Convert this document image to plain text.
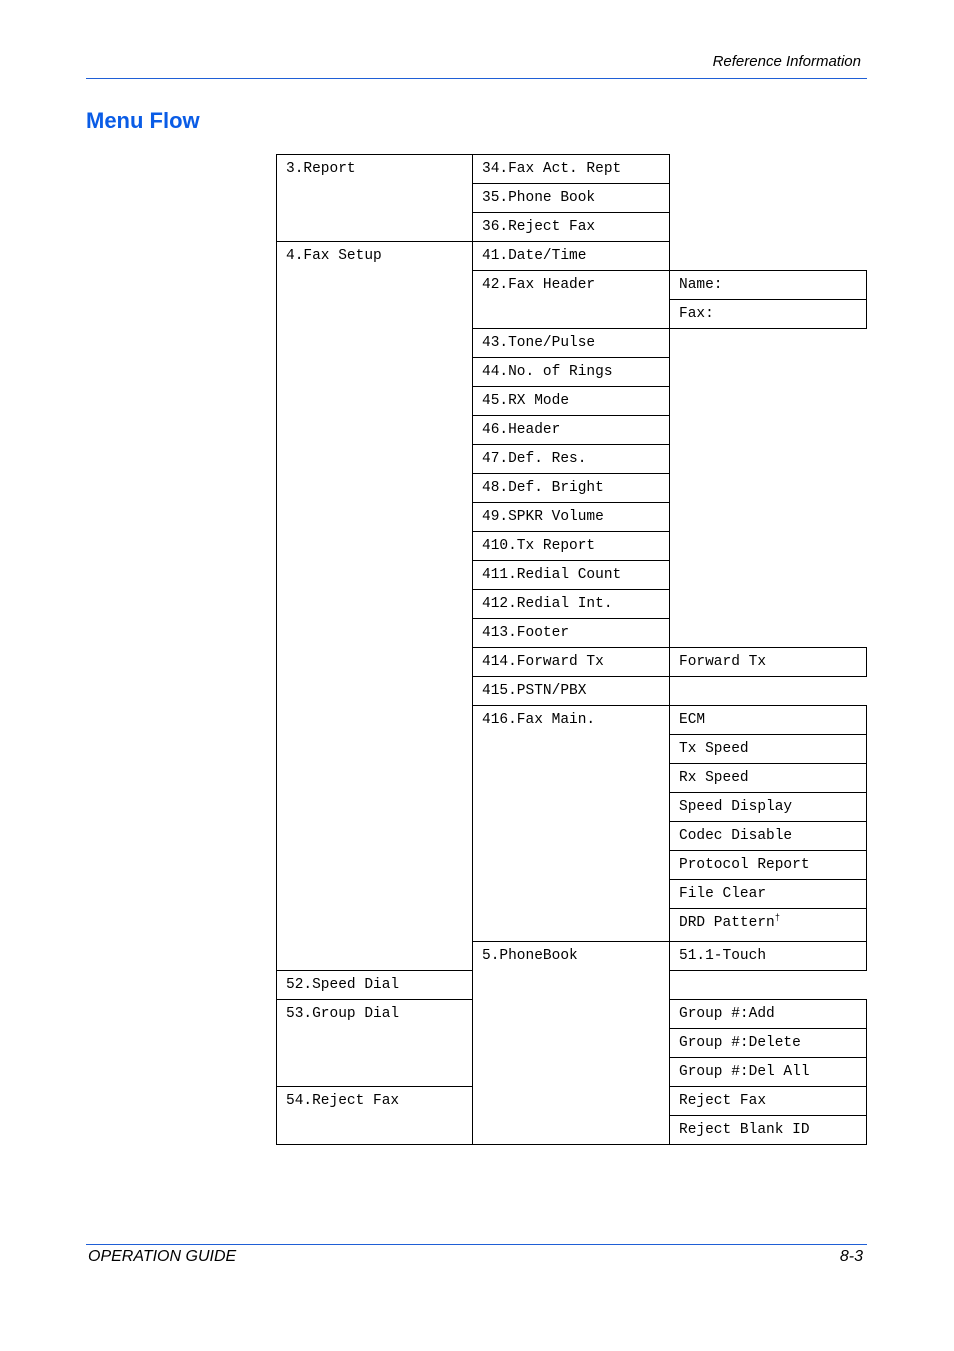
Reference Information
Menu Flow
3.Report	34.Fax Act. Rept		
	35.Phone Book		
	36.Reject Fax		
4.Fax Setup	41.Date/Time		
	42.Fax Header	Name:	
		Fax:	
	43.Tone/Pulse		
	44.No. of Rings		
	45.RX Mode		
	46.Header		
	47.Def. Res.		
	48.Def. Bright		
	49.SPKR Volume		
	410.Tx Report		
	411.Redial Count		
	412.Redial Int.		
	413.Footer		
	414.Forward Tx	Forward Tx	
	415.PSTN/PBX		
	416.Fax Main.	ECM	
		Tx Speed	
		Rx Speed	
		Speed Display	
		Codec Disable	
		Protocol Report	
		File Clear	
		DRD Pattern†
	5.PhoneBook	51.1-Touch	
52.Speed Dial			
53.Group Dial		Group #:Add	
		Group #:Delete	
		Group #:Del All	
54.Reject Fax		Reject Fax	
		Reject Blank ID	
OPERATION GUIDE	8-3
